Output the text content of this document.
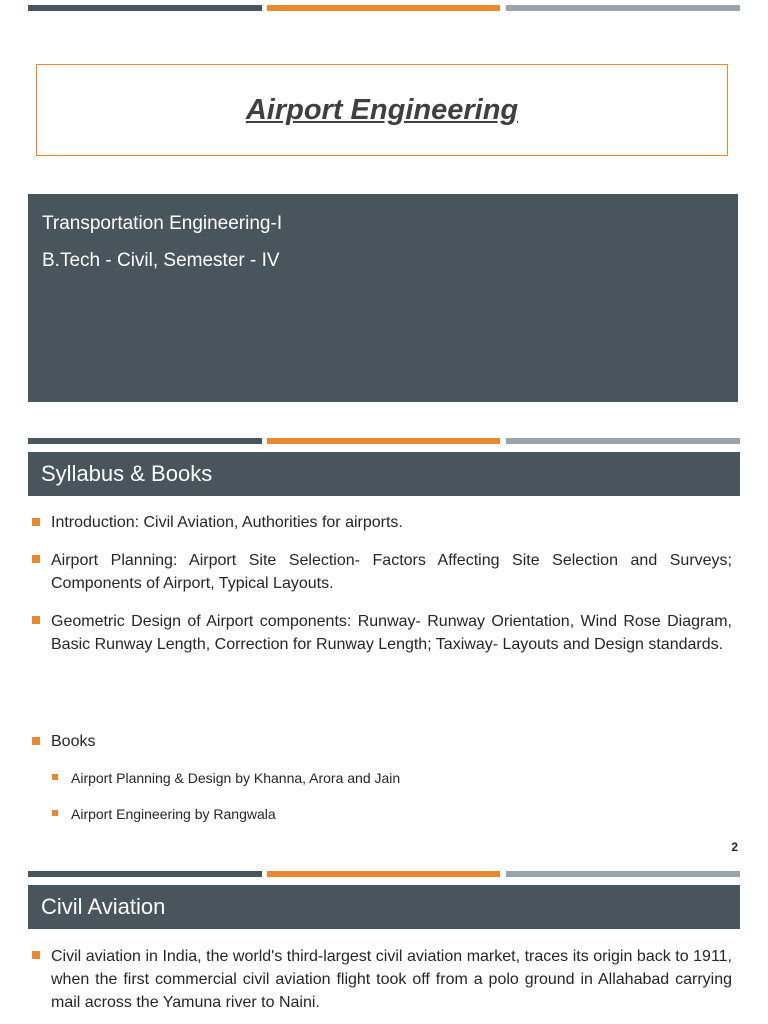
Airport Engineering

Transportation Engineering-I

B.Tech - Civil, Semester - IV

Syllabus & Books

Introduction: Civil Aviation, Authorities for airports.

Airport Planning: Airport Site Selection- Factors Affecting Site Selection and Surveys; Components of Airport, Typical Layouts.

Geometric Design of Airport components: Runway- Runway Orientation, Wind Rose Diagram, Basic Runway Length, Correction for Runway Length; Taxiway- Layouts and Design standards.

Books

Airport Planning & Design by Khanna, Arora and Jain

Airport Engineering by Rangwala

2
Civil Aviation

Civil aviation in India, the world's third-largest civil aviation market, traces its origin back to 1911, when the first commercial civil aviation flight took off from a polo ground in Allahabad carrying mail across the Yamuna river to Naini.
